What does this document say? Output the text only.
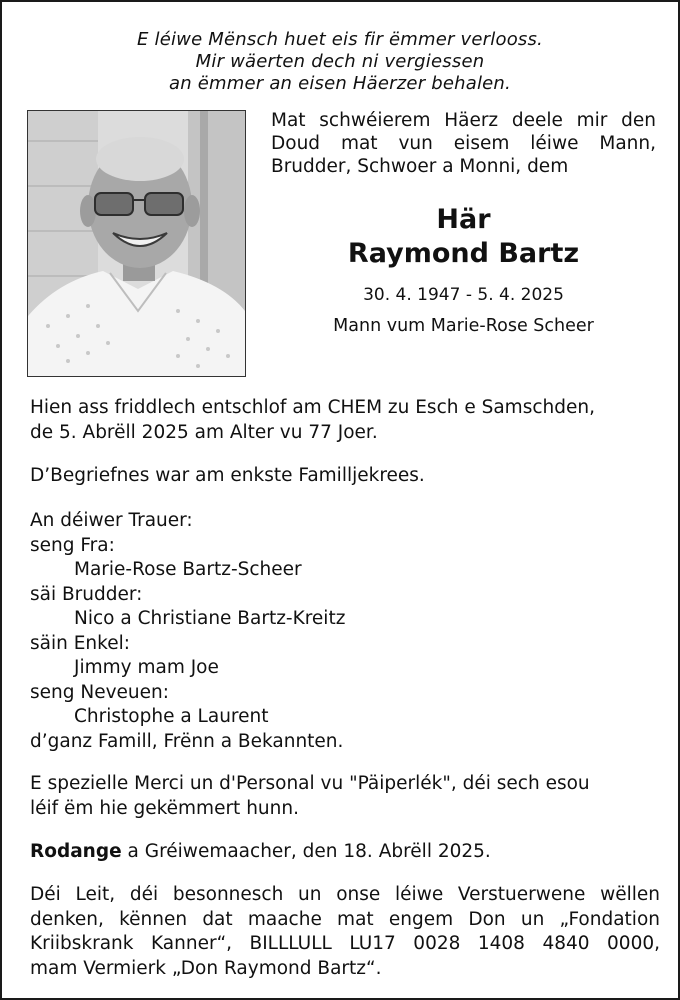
E léiwe Mënsch huet eis fir ëmmer verlooss.
Mir wäerten dech ni vergiessen
an ëmmer an eisen Häerzer behalen.
Mat schwéierem Häerz deele mir den
Doud mat vun eisem léiwe Mann,
Brudder, Schwoer a Monni, dem
Här
Raymond Bartz
30. 4. 1947 - 5. 4. 2025
Mann vum Marie-Rose Scheer
Hien ass friddlech entschlof am CHEM zu Esch e Samschden,
de 5. Abrëll 2025 am Alter vu 77 Joer.
D’Begriefnes war am enkste Familljekrees.
An déiwer Trauer:
seng Fra:
Marie-Rose Bartz-Scheer
säi Brudder:
Nico a Christiane Bartz-Kreitz
säin Enkel:
Jimmy mam Joe
seng Neveuen:
Christophe a Laurent
d’ganz Famill, Frënn a Bekannten.
E spezielle Merci un d'Personal vu "Päiperlék", déi sech esou
léif ëm hie gekëmmert hunn.
Rodange a Gréiwemaacher, den 18. Abrëll 2025.
Déi Leit, déi besonnesch un onse léiwe Verstuerwene wëllen
denken, kënnen dat maache mat engem Don un „Fondation
Kriibskrank Kanner“, BILLLULL LU17 0028 1408 4840 0000,
mam Vermierk „Don Raymond Bartz“.
